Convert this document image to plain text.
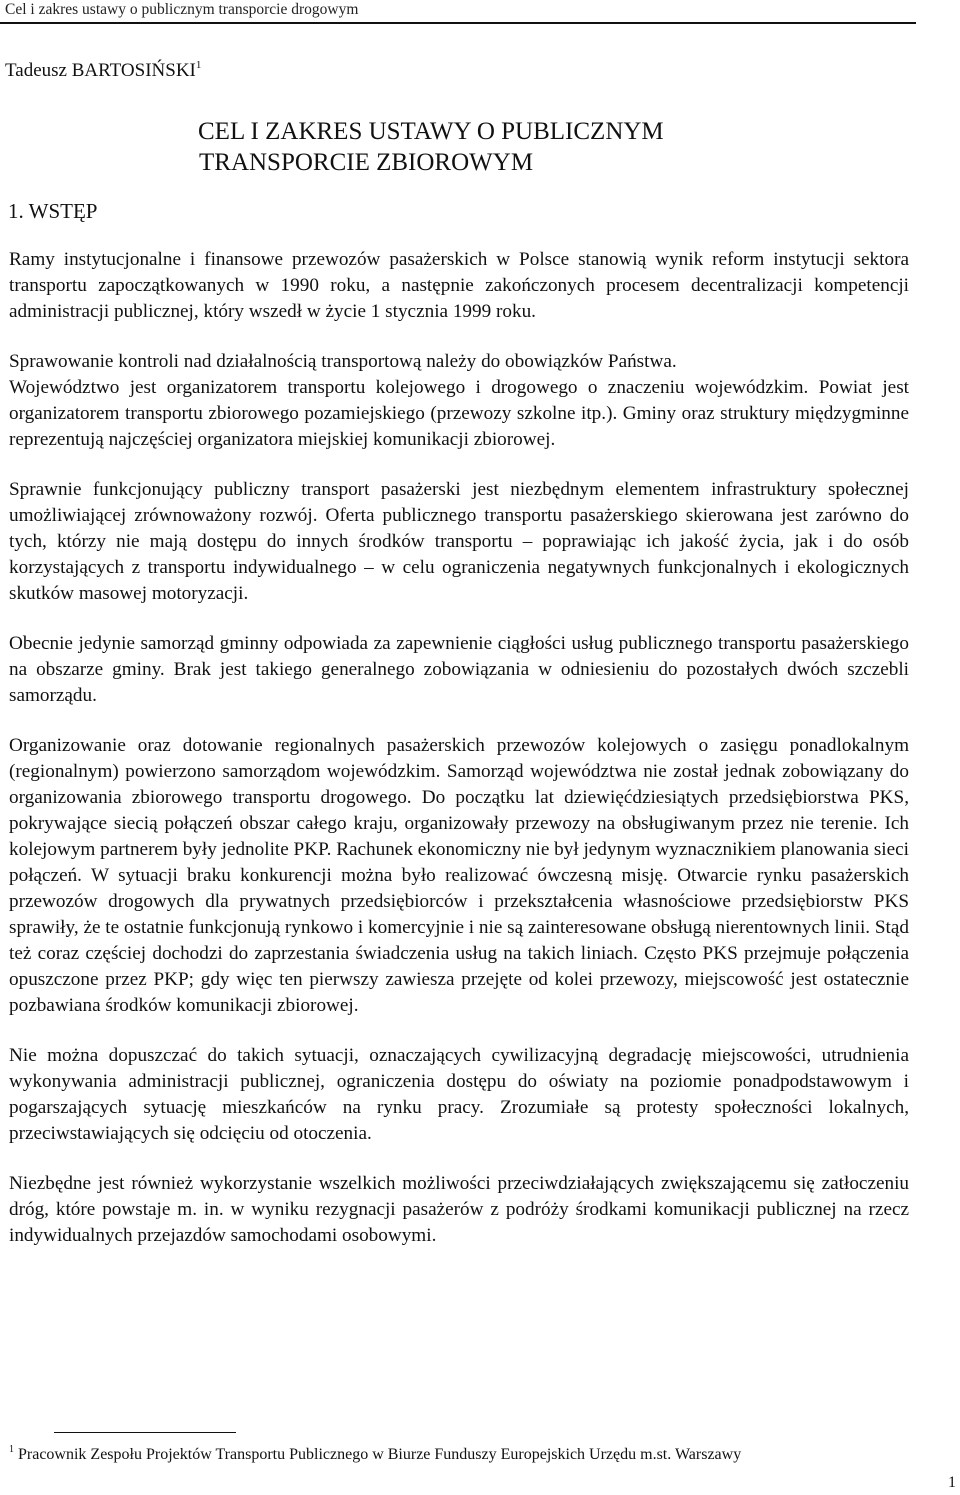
Cel i zakres ustawy o publicznym transporcie drogowym
Tadeusz BARTOSIŃSKI$^1$
CEL I ZAKRES USTAWY O PUBLICZNYM
TRANSPORCIE ZBIOROWYM
1. WSTĘP

Ramy instytucjonalne i finansowe przewozów pasażerskich w Polsce stanowią wynik reform instytucji sektora transportu zapoczątkowanych w 1990 roku, a następnie zakończonych procesem decentralizacji kompetencji administracji publicznej, który wszedł w życie 1 stycznia 1999 roku.

Sprawowanie kontroli nad działalnością transportową należy do obowiązków Państwa.

Województwo jest organizatorem transportu kolejowego i drogowego o znaczeniu wojewódzkim. Powiat jest organizatorem transportu zbiorowego pozamiejskiego (przewozy szkolne itp.). Gminy oraz struktury międzygminne reprezentują najczęściej organizatora miejskiej komunikacji zbiorowej.

Sprawnie funkcjonujący publiczny transport pasażerski jest niezbędnym elementem infrastruktury społecznej umożliwiającej zrównoważony rozwój. Oferta publicznego transportu pasażerskiego skierowana jest zarówno do tych, którzy nie mają dostępu do innych środków transportu – poprawiając ich jakość życia, jak i do osób korzystających z transportu indywidualnego – w celu ograniczenia negatywnych funkcjonalnych i ekologicznych skutków masowej motoryzacji.

Obecnie jedynie samorząd gminny odpowiada za zapewnienie ciągłości usług publicznego transportu pasażerskiego na obszarze gminy. Brak jest takiego generalnego zobowiązania w odniesieniu do pozostałych dwóch szczebli samorządu.

Organizowanie oraz dotowanie regionalnych pasażerskich przewozów kolejowych o zasięgu ponadlokalnym (regionalnym) powierzono samorządom wojewódzkim. Samorząd województwa nie został jednak zobowiązany do organizowania zbiorowego transportu drogowego. Do początku lat dziewięćdziesiątych przedsiębiorstwa PKS, pokrywające siecią połączeń obszar całego kraju, organizowały przewozy na obsługiwanym przez nie terenie. Ich kolejowym partnerem były jednolite PKP. Rachunek ekonomiczny nie był jedynym wyznacznikiem planowania sieci połączeń. W sytuacji braku konkurencji można było realizować ówczesną misję. Otwarcie rynku pasażerskich przewozów drogowych dla prywatnych przedsiębiorców i przekształcenia własnościowe przedsiębiorstw PKS sprawiły, że te ostatnie funkcjonują rynkowo i komercyjnie i nie są zainteresowane obsługą nierentownych linii. Stąd też coraz częściej dochodzi do zaprzestania świadczenia usług na takich liniach. Często PKS przejmuje połączenia opuszczone przez PKP; gdy więc ten pierwszy zawiesza przejęte od kolei przewozy, miejscowość jest ostatecznie pozbawiana środków komunikacji zbiorowej.

Nie można dopuszczać do takich sytuacji, oznaczających cywilizacyjną degradację miejscowości, utrudnienia wykonywania administracji publicznej, ograniczenia dostępu do oświaty na poziomie ponadpodstawowym i pogarszających sytuację mieszkańców na rynku pracy. Zrozumiałe są protesty społeczności lokalnych, przeciwstawiających się odcięciu od otoczenia.

Niezbędne jest również wykorzystanie wszelkich możliwości przeciwdziałających zwiększającemu się zatłoczeniu dróg, które powstaje m. in. w wyniku rezygnacji pasażerów z podróży środkami komunikacji publicznej na rzecz indywidualnych przejazdów samochodami osobowymi.

$^1$ Pracownik Zespołu Projektów Transportu Publicznego w Biurze Funduszy Europejskich Urzędu m.st. Warszawy
1
